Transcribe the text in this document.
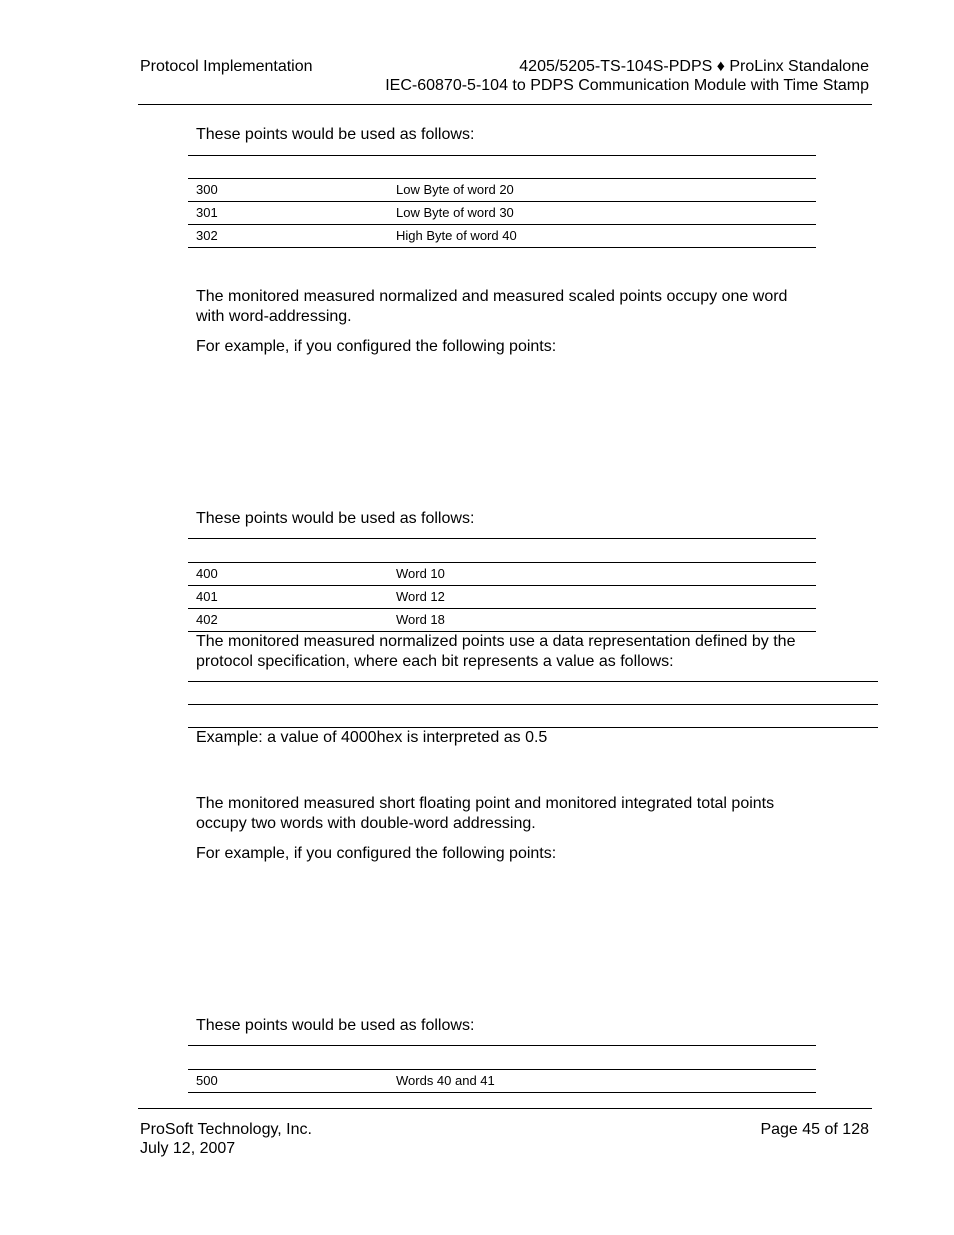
Protocol Implementation	4205/5205-TS-104S-PDPS ♦ ProLinx Standalone
IEC-60870-5-104 to PDPS Communication Module with Time Stamp
These points would be used as follows:
300	Low Byte of word 20
301	Low Byte of word 30
302	High Byte of word 40
The monitored measured normalized and measured scaled points occupy one word with word-addressing.
For example, if you configured the following points:
These points would be used as follows:
400	Word 10
401	Word 12
402	Word 18
The monitored measured normalized points use a data representation defined by the protocol specification, where each bit represents a value as follows:
Example: a value of 4000hex is interpreted as 0.5
The monitored measured short floating point and monitored integrated total points occupy two words with double-word addressing.
For example, if you configured the following points:
These points would be used as follows:
500	Words 40 and 41
ProSoft Technology, Inc.
July 12, 2007
Page 45 of 128
